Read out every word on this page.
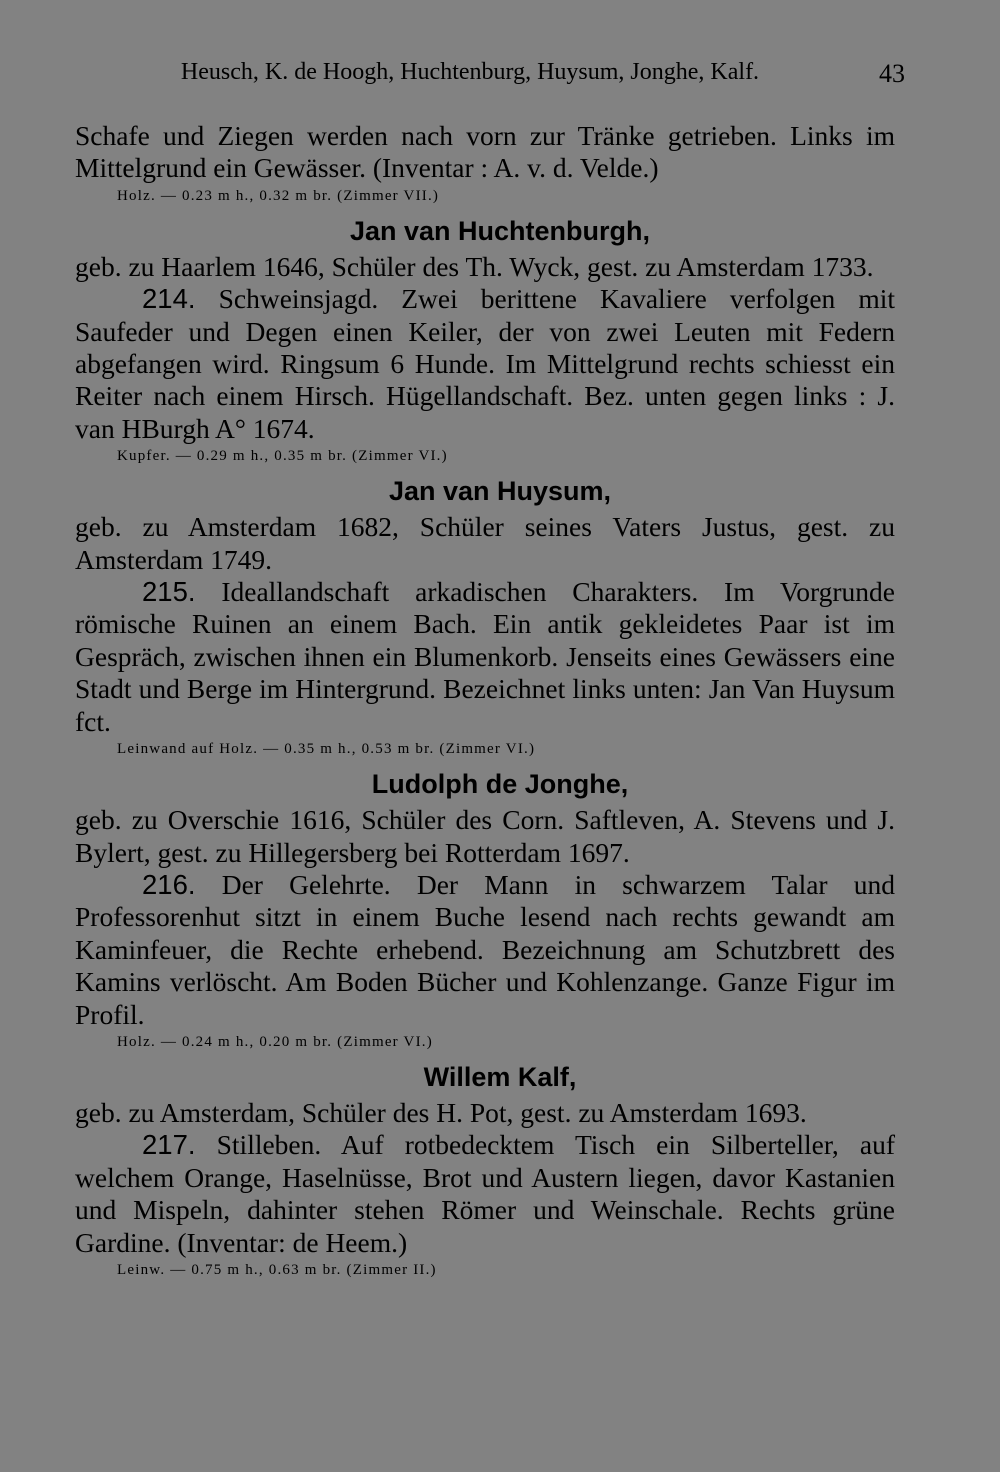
Heusch, K. de Hoogh, Huchtenburg, Huysum, Jonghe, Kalf.	43

Schafe und Ziegen werden nach vorn zur Tränke getrieben. Links im Mittelgrund ein Gewässer. (Inventar : A. v. d. Velde.)

Holz. — 0.23 m h., 0.32 m br. (Zimmer VII.)

Jan van Huchtenburgh,

geb. zu Haarlem 1646, Schüler des Th. Wyck, gest. zu Amsterdam 1733.

214. Schweinsjagd. Zwei berittene Kavaliere verfolgen mit Saufeder und Degen einen Keiler, der von zwei Leuten mit Federn abgefangen wird. Ringsum 6 Hunde. Im Mittelgrund rechts schiesst ein Reiter nach einem Hirsch. Hügellandschaft. Bez. unten gegen links : J. van HBurgh A° 1674.

Kupfer. — 0.29 m h., 0.35 m br. (Zimmer VI.)

Jan van Huysum,

geb. zu Amsterdam 1682, Schüler seines Vaters Justus, gest. zu Amsterdam 1749.

215. Ideallandschaft arkadischen Charakters. Im Vorgrunde römische Ruinen an einem Bach. Ein antik gekleidetes Paar ist im Gespräch, zwischen ihnen ein Blumenkorb. Jenseits eines Gewässers eine Stadt und Berge im Hintergrund. Bezeichnet links unten: Jan Van Huysum fct.

Leinwand auf Holz. — 0.35 m h., 0.53 m br. (Zimmer VI.)

Ludolph de Jonghe,

geb. zu Overschie 1616, Schüler des Corn. Saftleven, A. Stevens und J. Bylert, gest. zu Hillegersberg bei Rotterdam 1697.

216. Der Gelehrte. Der Mann in schwarzem Talar und Professorenhut sitzt in einem Buche lesend nach rechts gewandt am Kaminfeuer, die Rechte erhebend. Bezeichnung am Schutzbrett des Kamins verlöscht. Am Boden Bücher und Kohlenzange. Ganze Figur im Profil.

Holz. — 0.24 m h., 0.20 m br. (Zimmer VI.)

Willem Kalf,

geb. zu Amsterdam, Schüler des H. Pot, gest. zu Amsterdam 1693.

217. Stilleben. Auf rotbedecktem Tisch ein Silberteller, auf welchem Orange, Haselnüsse, Brot und Austern liegen, davor Kastanien und Mispeln, dahinter stehen Römer und Weinschale. Rechts grüne Gardine. (Inventar: de Heem.)

Leinw. — 0.75 m h., 0.63 m br. (Zimmer II.)
